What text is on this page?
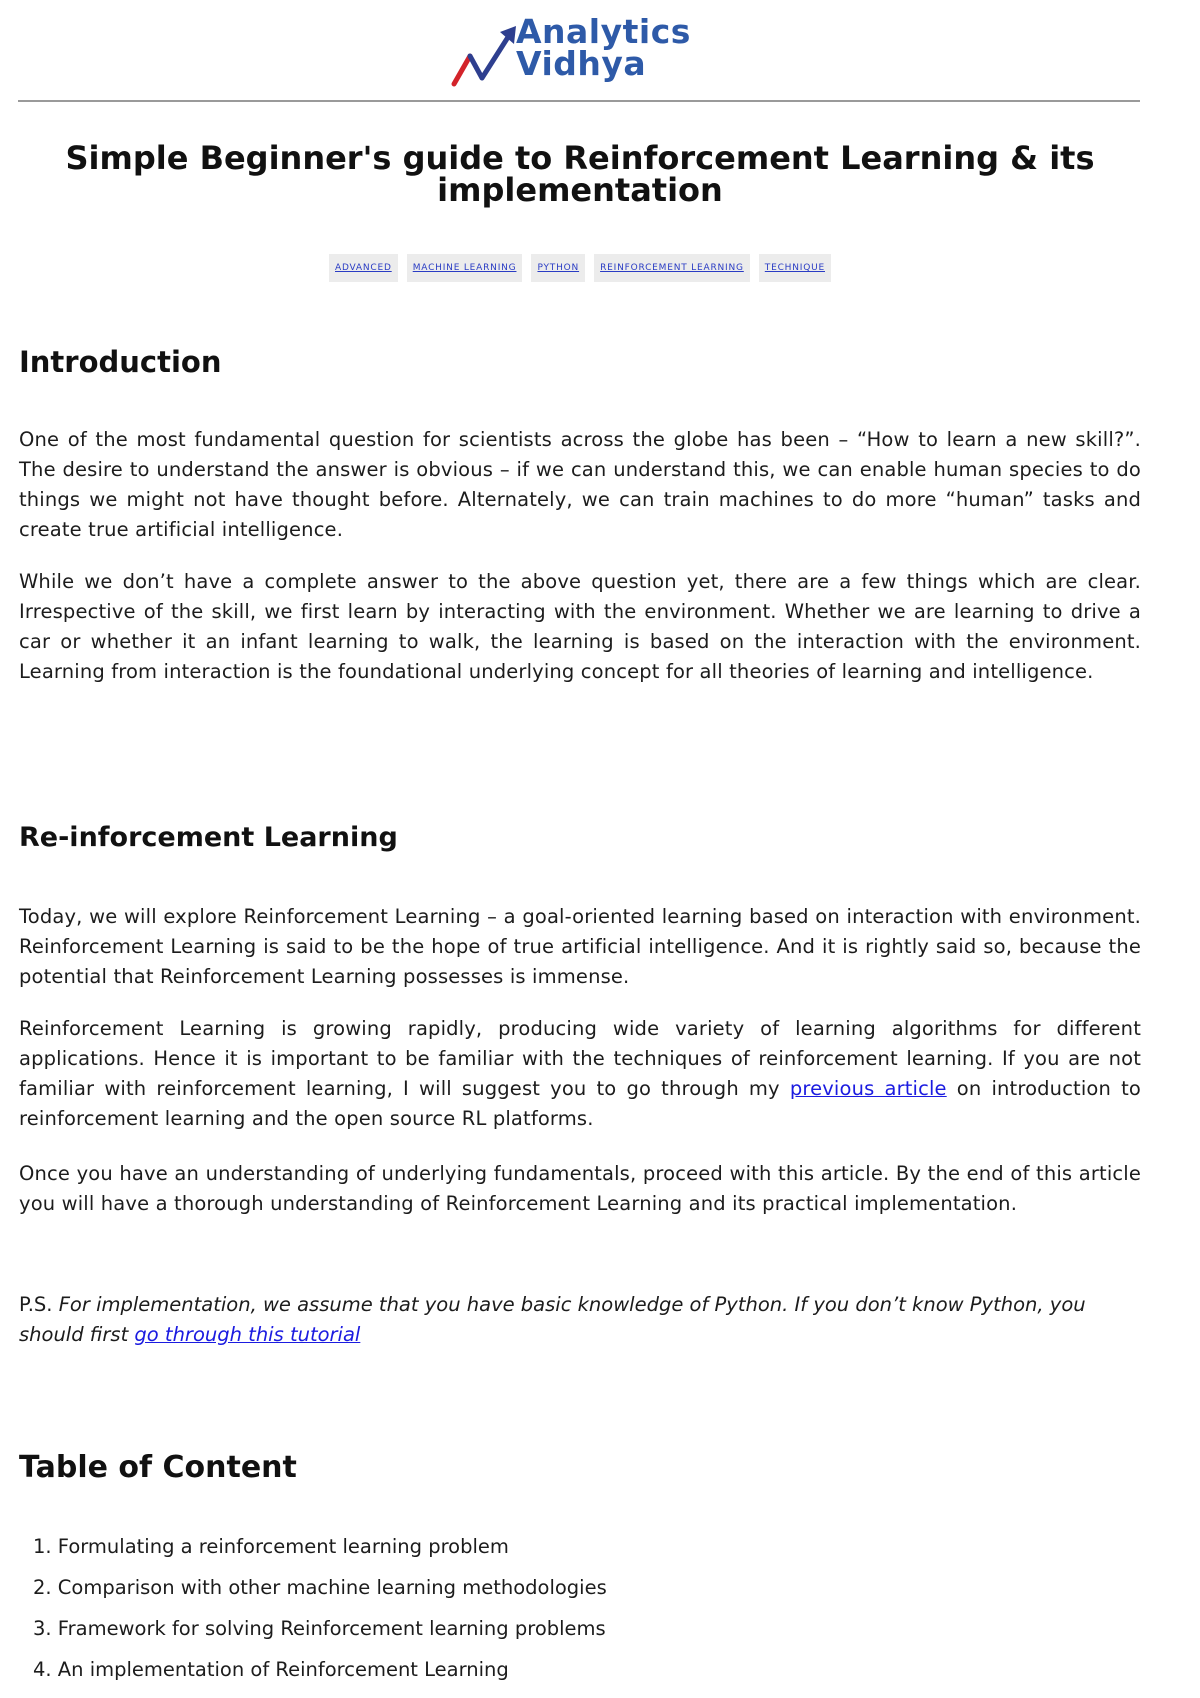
Analytics
Vidhya
Simple Beginner's guide to Reinforcement Learning & its implementation
ADVANCED	MACHINE LEARNING	PYTHON	REINFORCEMENT LEARNING	TECHNIQUE
Introduction

One of the most fundamental question for scientists across the globe has been – “How to learn a new skill?”. The desire to understand the answer is obvious – if we can understand this, we can enable human species to do things we might not have thought before. Alternately, we can train machines to do more “human” tasks and create true artificial intelligence.

While we don’t have a complete answer to the above question yet, there are a few things which are clear. Irrespective of the skill, we first learn by interacting with the environment. Whether we are learning to drive a car or whether it an infant learning to walk, the learning is based on the interaction with the environment. Learning from interaction is the foundational underlying concept for all theories of learning and intelligence.

Re-inforcement Learning

Today, we will explore Reinforcement Learning – a goal-oriented learning based on interaction with environment. Reinforcement Learning is said to be the hope of true artificial intelligence. And it is rightly said so, because the potential that Reinforcement Learning possesses is immense.

Reinforcement Learning is growing rapidly, producing wide variety of learning algorithms for different applications. Hence it is important to be familiar with the techniques of reinforcement learning. If you are not familiar with reinforcement learning, I will suggest you to go through my previous article on introduction to reinforcement learning and the open source RL platforms.

Once you have an understanding of underlying fundamentals, proceed with this article. By the end of this article you will have a thorough understanding of Reinforcement Learning and its practical implementation.

P.S. For implementation, we assume that you have basic knowledge of Python. If you don’t know Python, you should first go through this tutorial

Table of Content
1. Formulating a reinforcement learning problem
2. Comparison with other machine learning methodologies
3. Framework for solving Reinforcement learning problems
4. An implementation of Reinforcement Learning
